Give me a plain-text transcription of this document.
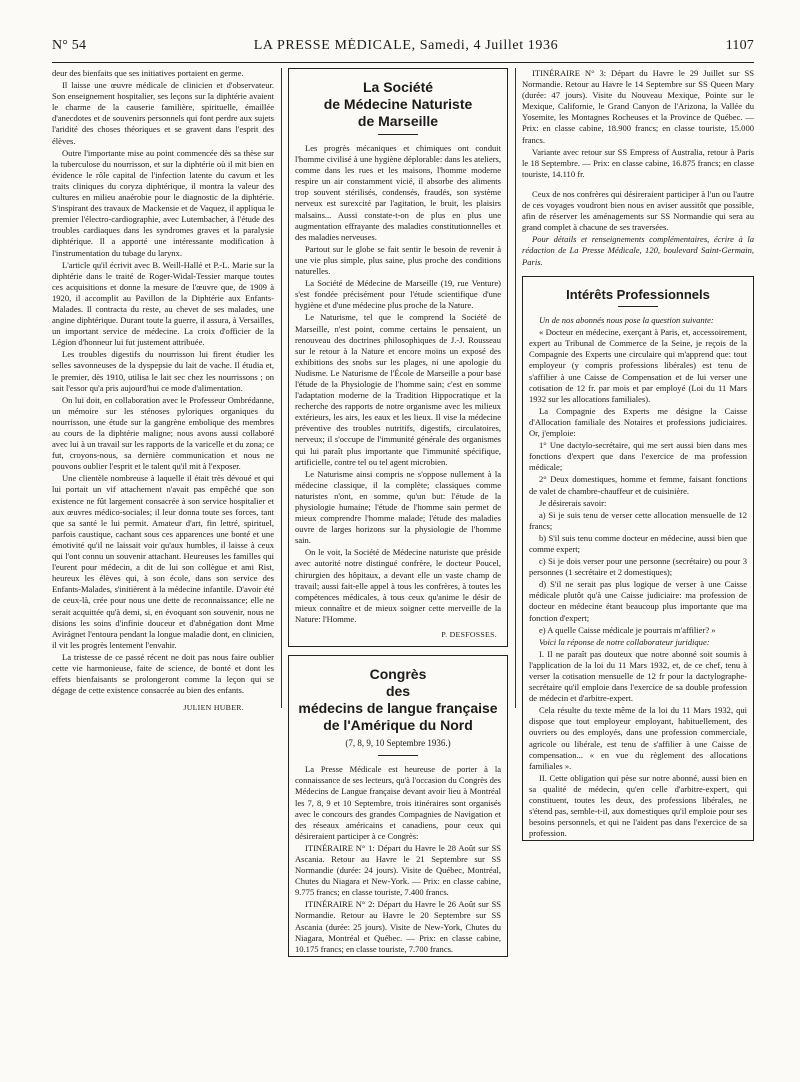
N° 54	LA PRESSE MÉDICALE, Samedi, 4 Juillet 1936	1107

deur des bienfaits que ses initiatives portaient en germe.

Il laisse une œuvre médicale de clinicien et d'observateur. Son enseignement hospitalier, ses leçons sur la diphtérie avaient le charme de la causerie familière, spirituelle, émaillée d'anecdotes et de souvenirs personnels qui font perdre aux sujets l'aridité des choses théoriques et se gravent dans l'esprit des élèves.

Outre l'importante mise au point commencée dès sa thèse sur la tuberculose du nourrisson, et sur la diphtérie où il mit bien en évidence le rôle capital de l'infection latente du cavum et les traits cliniques du coryza diphtérique, il montra la valeur des cultures en milieu anaérobie pour le diagnostic de la diphtérie. S'inspirant des travaux de Mackensie et de Vaquez, il appliqua le premier l'électro-cardiographie, avec Lutembacher, à l'étude des troubles cardiaques dans les syndromes graves et la paralysie diphtérique. Il a apporté une intéressante modification à l'instrumentation du tubage du larynx.

L'article qu'il écrivit avec B. Weill-Hallé et P.-L. Marie sur la diphtérie dans le traité de Roger-Widal-Tessier marque toutes ces acquisitions et donne la mesure de l'œuvre que, de 1909 à 1920, il accomplit au Pavillon de la Diphtérie aux Enfants-Malades. Il contracta du reste, au chevet de ses malades, une angine diphtérique. Durant toute la guerre, il assura, à Versailles, un important service de médecine. La croix d'officier de la Légion d'honneur lui fut justement attribuée.

Les troubles digestifs du nourrisson lui firent étudier les selles savonneuses de la dyspepsie du lait de vache. Il étudia et, le premier, dès 1910, utilisa le lait sec chez les nourrissons ; on sait l'essor qu'a pris aujourd'hui ce mode d'alimentation.

On lui doit, en collaboration avec le Professeur Ombrédanne, un mémoire sur les sténoses pyloriques organiques du nourrisson, une étude sur la gangrène embolique des membres au cours de la diphtérie maligne; nous avons aussi collaboré avec lui à un travail sur les rapports de la varicelle et du zona; ce fut, croyons-nous, sa dernière communication et nous ne pouvons oublier l'esprit et le talent qu'il mit à l'exposer.

Une clientèle nombreuse à laquelle il était très dévoué et qui lui portait un vif attachement n'avait pas empêché que son existence ne fût largement consacrée à son service hospitalier et aux œuvres médico-sociales; il leur donna toute ses forces, tant que sa santé le lui permit. Amateur d'art, fin lettré, spirituel, parfois caustique, cachant sous ces apparences une bonté et une émotivité qu'il ne laissait voir qu'aux humbles, il laisse à ceux qui l'ont connu un souvenir attachant. Heureuses les familles qui l'eurent pour médecin, a dit de lui son collègue et ami Rist, heureux les élèves qui, à son école, dans son service des Enfants-Malades, s'initièrent à la médecine infantile. D'avoir été de ceux-là, crée pour nous une dette de reconnaissance; elle ne serait acquittée qu'à demi, si, en évoquant son souvenir, nous ne disions les soins d'infinie douceur et d'abnégation dont Mme Avirágnet l'entoura pendant la longue maladie dont, en clinicien, il vit les progrès lentement l'envahir.

La tristesse de ce passé récent ne doit pas nous faire oublier cette vie harmonieuse, faite de science, de bonté et dont les effets bienfaisants se prolongeront comme la leçon qui se dégage de cette existence consacrée au bien des enfants.

JULIEN HUBER.
La Société
de Médecine Naturiste
de Marseille

Les progrès mécaniques et chimiques ont conduit l'homme civilisé à une hygiène déplorable: dans les ateliers, comme dans les rues et les maisons, l'homme moderne respire un air constamment vicié, il absorbe des aliments trop souvent stérilisés, condensés, fraudés, son système nerveux est surexcité par l'agitation, le bruit, les plaisirs malsains... Aussi constate-t-on de plus en plus une augmentation effrayante des maladies constitutionnelles et des maladies nerveuses.

Partout sur le globe se fait sentir le besoin de revenir à une vie plus simple, plus saine, plus proche des conditions naturelles.

La Société de Médecine de Marseille (19, rue Venture) s'est fondée précisément pour l'étude scientifique d'une hygiène et d'une médecine plus proche de la Nature.

Le Naturisme, tel que le comprend la Société de Marseille, n'est point, comme certains le pensaient, un renouveau des doctrines philosophiques de J.-J. Rousseau sur le retour à la Nature et encore moins un exposé des exhibitions des snobs sur les plages, ni une apologie du Nudisme. Le Naturisme de l'École de Marseille a pour base l'étude de la Physiologie de l'homme sain; c'est en somme l'adaptation moderne de la Tradition Hippocratique et la recherche des rapports de notre organisme avec les milieux extérieurs, les airs, les eaux et les lieux. Il vise la médecine préventive des troubles nutritifs, digestifs, circulatoires, nerveux; il s'occupe de l'immunité générale des organismes qui lui paraît plus importante que l'immunité spécifique, artificielle, contre tel ou tel agent microbien.

Le Naturisme ainsi compris ne s'oppose nullement à la médecine classique, il la complète; classiques comme naturistes n'ont, en somme, qu'un but: l'étude de la physiologie humaine; l'étude de l'homme sain permet de mieux comprendre l'homme malade; l'étude des maladies ouvre de larges horizons sur la physiologie de l'homme sain.

On le voit, la Société de Médecine naturiste que préside avec autorité notre distingué confrère, le docteur Poucel, chirurgien des hôpitaux, a devant elle un vaste champ de travail; aussi fait-elle appel à tous les confrères, à toutes les compétences médicales, à tous ceux qu'anime le désir de mieux connaître et de mieux soigner cette merveille de la Nature: l'Homme.

P. DESFOSSES.
Congrès
des
médecins de langue française
de l'Amérique du Nord
(7, 8, 9, 10 Septembre 1936.)

La Presse Médicale est heureuse de porter à la connaissance de ses lecteurs, qu'à l'occasion du Congrès des Médecins de Langue française devant avoir lieu à Montréal les 7, 8, 9 et 10 Septembre, trois itinéraires sont organisés avec le concours des grandes Compagnies de Navigation et des réseaux américains et canadiens, pour ceux qui désireraient participer à ce Congrès:

ITINÉRAIRE N° 1: Départ du Havre le 28 Août sur SS Ascania. Retour au Havre le 21 Septembre sur SS Normandie (durée: 24 jours). Visite de Québec, Montréal, Chutes du Niagara et New-York. — Prix: en classe cabine, 9.775 francs; en classe touriste, 7.400 francs.

ITINÉRAIRE N° 2: Départ du Havre le 26 Août sur SS Normandie. Retour au Havre le 20 Septembre sur SS Ascania (durée: 25 jours). Visite de New-York, Chutes du Niagara, Montréal et Québec. — Prix: en classe cabine, 10.175 francs; en classe touriste, 7.700 francs.

ITINÉRAIRE N° 3: Départ du Havre le 29 Juillet sur SS Normandie. Retour au Havre le 14 Septembre sur SS Queen Mary (durée: 47 jours). Visite du Nouveau Mexique, Pointe sur le Mexique, Californie, le Grand Canyon de l'Arizona, la Vallée du Yosemite, les Montagnes Rocheuses et la Province de Québec. — Prix: en classe cabine, 18.900 francs; en classe touriste, 15.000 francs.

Variante avec retour sur SS Empress of Australia, retour à Paris le 18 Septembre. — Prix: en classe cabine, 16.875 francs; en classe touriste, 14.110 fr.

Ceux de nos confrères qui désireraient participer à l'un ou l'autre de ces voyages voudront bien nous en aviser aussitôt que possible, afin de réserver les aménagements sur SS Normandie qui sera au grand complet à chacune de ses traversées.

Pour détails et renseignements complémentaires, écrire à la rédaction de La Presse Médicale, 120, boulevard Saint-Germain, Paris.

Intérêts Professionnels

Un de nos abonnés nous pose la question suivante:

« Docteur en médecine, exerçant à Paris, et, accessoirement, expert au Tribunal de Commerce de la Seine, je reçois de la Compagnie des Experts une circulaire qui m'apprend que: tout employeur (y compris professions libérales) est tenu de s'affilier à une Caisse de Compensation et de lui verser une cotisation de 12 fr. par mois et par employé (Loi du 11 Mars 1932 sur les allocations familiales).

La Compagnie des Experts me désigne la Caisse d'Allocation familiale des Notaires et professions judiciaires. Or, j'emploie:

1° Une dactylo-secrétaire, qui me sert aussi bien dans mes fonctions d'expert que dans l'exercice de ma profession médicale;

2° Deux domestiques, homme et femme, faisant fonctions de valet de chambre-chauffeur et de cuisinière.

Je désirerais savoir:

a) Si je suis tenu de verser cette allocation mensuelle de 12 francs;

b) S'il suis tenu comme docteur en médecine, aussi bien que comme expert;

c) Si je dois verser pour une personne (secrétaire) ou pour 3 personnes (1 secrétaire et 2 domestiques);

d) S'il ne serait pas plus logique de verser à une Caisse médicale plutôt qu'à une Caisse judiciaire: ma profession de docteur en médecine étant beaucoup plus importante que ma fonction d'expert;

e) A quelle Caisse médicale je pourrais m'affilier? »

Voici la réponse de notre collaborateur juridique:

I. Il ne paraît pas douteux que notre abonné soit soumis à l'application de la loi du 11 Mars 1932, et, de ce chef, tenu à verser la cotisation mensuelle de 12 fr pour la dactylographe-secrétaire qu'il emploie dans l'exercice de sa double profession de médecin et d'arbitre-expert.

Cela résulte du texte même de la loi du 11 Mars 1932, qui dispose que tout employeur employant, habituellement, des ouvriers ou des employés, dans une profession commerciale, agricole ou libérale, est tenu de s'affilier à une Caisse de compensation... « en vue du règlement des allocations familiales ».

II. Cette obligation qui pèse sur notre abonné, aussi bien en sa qualité de médecin, qu'en celle d'arbitre-expert, qui constituent, toutes les deux, des professions libérales, ne s'étend pas, semble-t-il, aux domestiques qu'il emploie pour ses besoins personnels, et qui ne l'aident pas dans l'exercice de sa profession.
